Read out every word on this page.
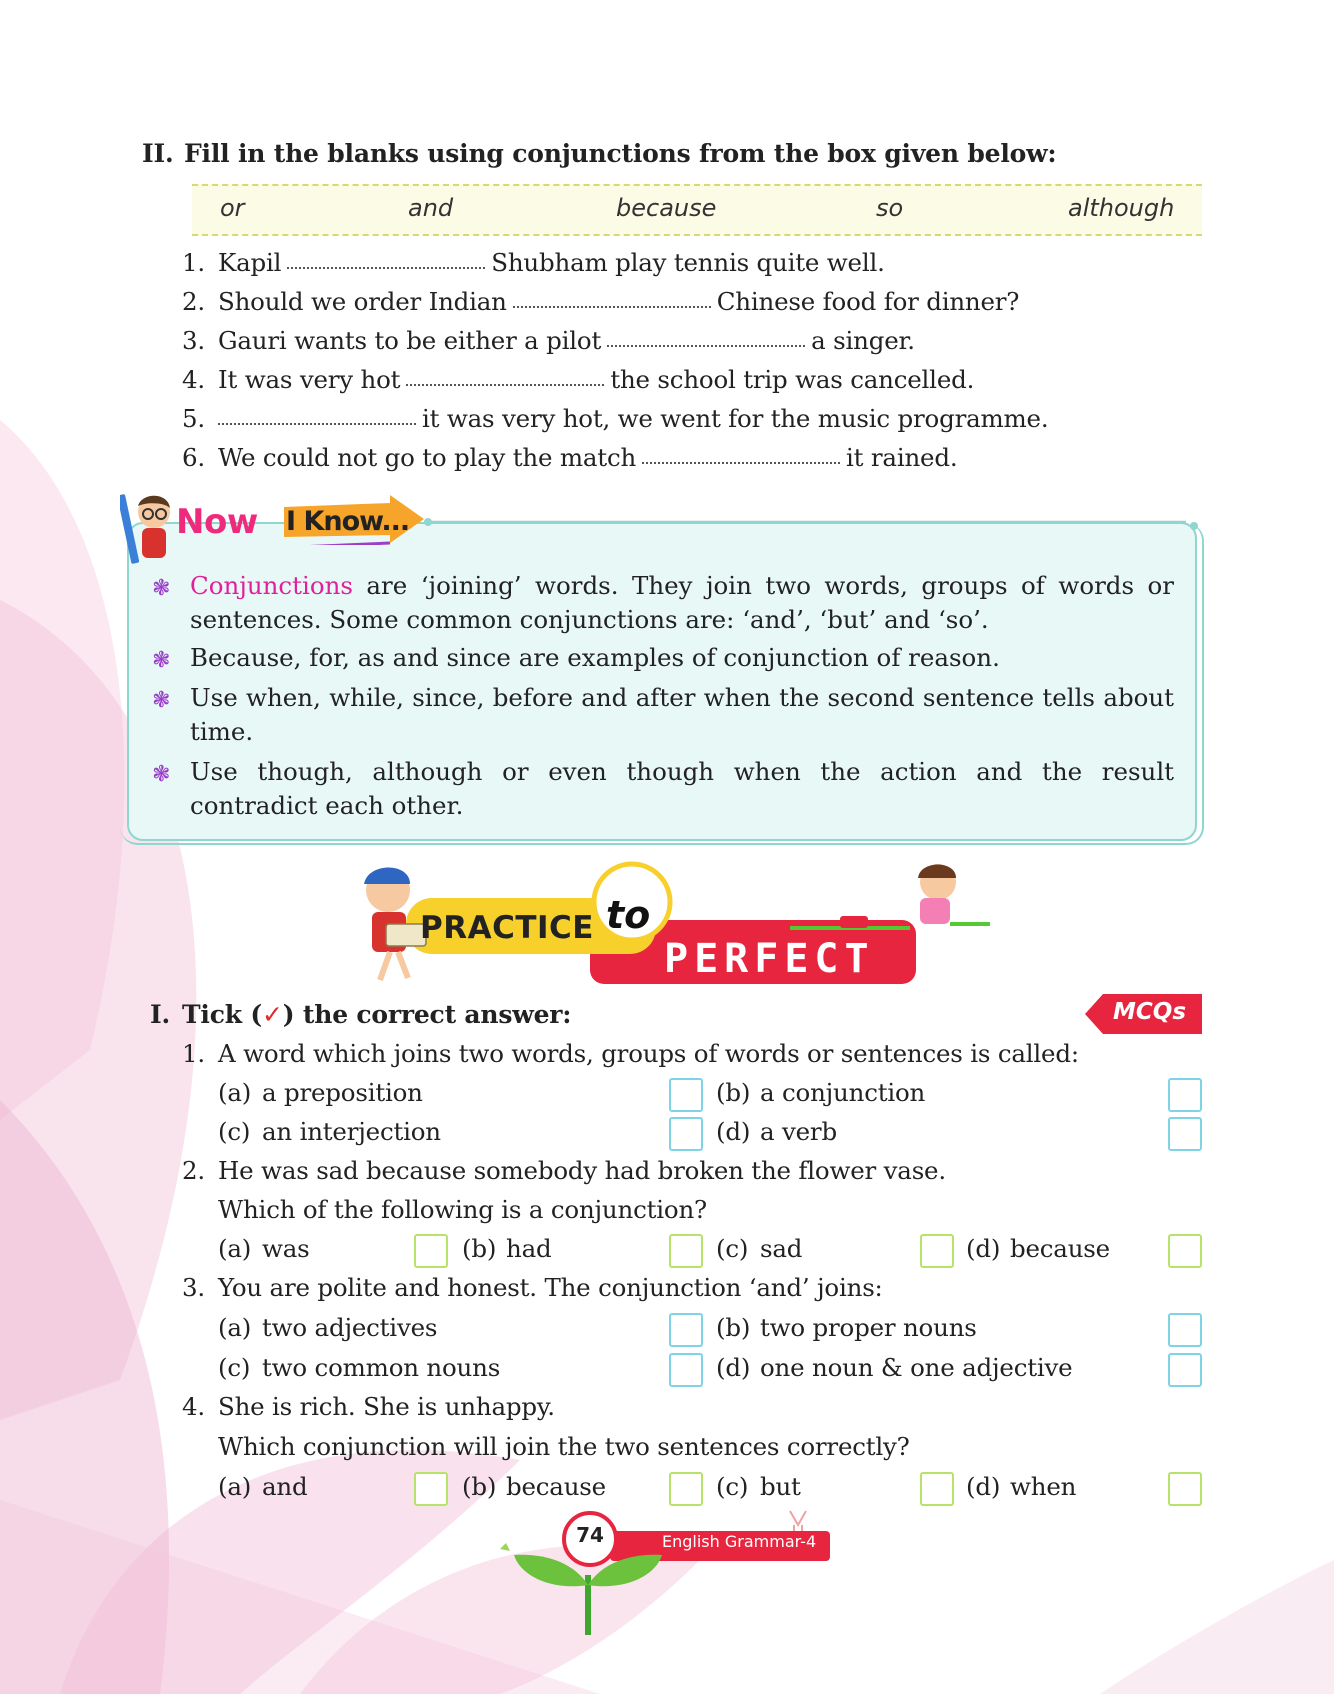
II. Fill in the blanks using conjunctions from the box given below:
or	and	because	so	although
1. Kapil	Shubham play tennis quite well.
2. Should we order Indian	Chinese food for dinner?
3. Gauri wants to be either a pilot	a singer.
4. It was very hot	the school trip was cancelled.
5.	it was very hot, we went for the music programme.
6. We could not go to play the match	it rained.
Now I Know...
❃ Conjunctions are ‘joining’ words. They join two words, groups of words or sentences. Some common conjunctions are: ‘and’, ‘but’ and ‘so’.
❃ Because, for, as and since are examples of conjunction of reason.
❃ Use when, while, since, before and after when the second sentence tells about time.
❃ Use though, although or even though when the action and the result contradict each other.
PRACTICE to
PERFECT
I. Tick (✓) the correct answer:	MCQs
1. A word which joins two words, groups of words or sentences is called:
(a) a preposition	(b) a conjunction
(c) an interjection	(d) a verb
2. He was sad because somebody had broken the flower vase.
Which of the following is a conjunction?
(a) was	(b) had	(c) sad	(d) because
3. You are polite and honest. The conjunction ‘and’ joins:
(a) two adjectives	(b) two proper nouns
(c) two common nouns	(d) one noun & one adjective
4. She is rich. She is unhappy.
Which conjunction will join the two sentences correctly?
(a) and	(b) because	(c) but	(d) when
74	English Grammar-4
